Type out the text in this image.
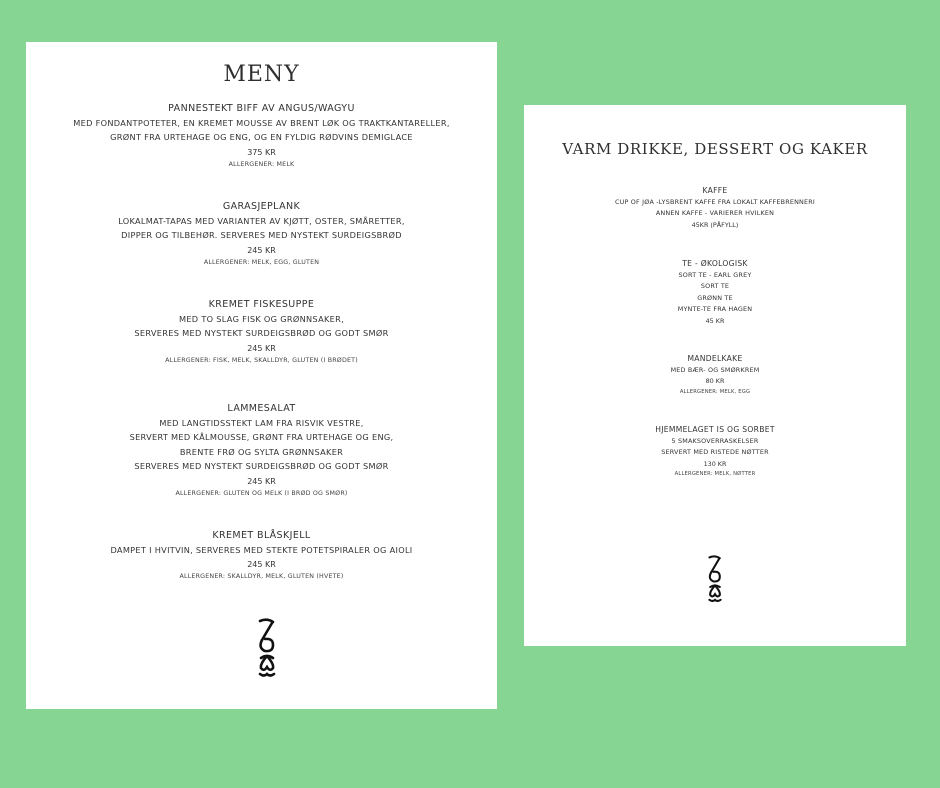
MENY
PANNESTEKT BIFF AV ANGUS/WAGYU
MED FONDANTPOTETER, EN KREMET MOUSSE AV BRENT LØK OG TRAKTKANTARELLER,
GRØNT FRA URTEHAGE OG ENG, OG EN FYLDIG RØDVINS DEMIGLACE
375 KR
ALLERGENER: MELK
GARASJEPLANK
LOKALMAT-TAPAS MED VARIANTER AV KJØTT, OSTER, SMÅRETTER,
DIPPER OG TILBEHØR. SERVERES MED NYSTEKT SURDEIGSBRØD
245 KR
ALLERGENER: MELK, EGG, GLUTEN
KREMET FISKESUPPE
MED TO SLAG FISK OG GRØNNSAKER,
SERVERES MED NYSTEKT SURDEIGSBRØD OG GODT SMØR
245 KR
ALLERGENER: FISK, MELK, SKALLDYR, GLUTEN (I BRØDET)
LAMMESALAT
MED LANGTIDSSTEKT LAM FRA RISVIK VESTRE,
SERVERT MED KÅLMOUSSE, GRØNT FRA URTEHAGE OG ENG,
BRENTE FRØ OG SYLTA GRØNNSAKER
SERVERES MED NYSTEKT SURDEIGSBRØD OG GODT SMØR
245 KR
ALLERGENER: GLUTEN OG MELK (I BRØD OG SMØR)
KREMET BLÅSKJELL
DAMPET I HVITVIN, SERVERES MED STEKTE POTETSPIRALER OG AIOLI
245 KR
ALLERGENER: SKALLDYR, MELK, GLUTEN (HVETE)
VARM DRIKKE, DESSERT OG KAKER
KAFFE
CUP OF JØA -LYSBRENT KAFFE FRA LOKALT KAFFEBRENNERI
ANNEN KAFFE - VARIERER HVILKEN
45KR (PÅFYLL)
TE - ØKOLOGISK
SORT TE - EARL GREY
SORT TE
GRØNN TE
MYNTE-TE FRA HAGEN
45 KR
MANDELKAKE
MED BÆR- OG SMØRKREM
80 KR
ALLERGENER: MELK, EGG
HJEMMELAGET IS OG SORBET
5 SMAKSOVERRASKELSER
SERVERT MED RISTEDE NØTTER
130 KR
ALLERGENER: MELK, NØTTER
